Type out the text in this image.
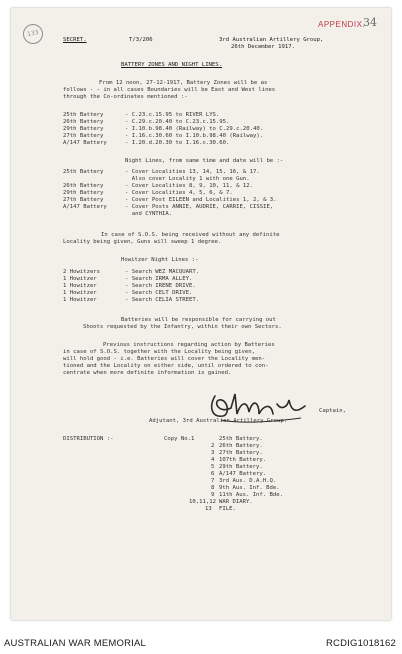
133
APPENDIX.
34
SECRET.	T/3/206	3rd Australian Artillery Group,
26th December 1917.
BATTERY ZONES AND NIGHT LINES.
From 12 noon, 27-12-1917, Battery Zones will be as
follows - - in all cases Boundaries will be East and West lines
through the Co-ordinates mentioned :-
25th Battery	- C.23.c.15.95 to RIVER LYS.
26th Battery	- C.29.c.20.40 to C.23.c.15.95.
29th Battery	- I.10.b.98.40 (Railway) to C.29.c.20.40.
27th Battery	- I.16.c.30.60 to I.10.b.98.40 (Railway).
A/147 Battery	- I.20.d.20.30 to I.16.c.30.60.
Night Lines, from same time and date will be :-
25th Battery	- Cover Localities 13, 14, 15, 16, & 17.
Also cover Locality 1 with one Gun.
26th Battery	- Cover Localities 8, 9, 10, 11, & 12.
29th Battery	- Cover Localities 4, 5, 6, & 7.
27th Battery	- Cover Post EILEEN and Localities 1, 2, & 3.
A/147 Battery	- Cover Posts ANNIE, AUDRIE, CARRIE, CISSIE,
and CYNTHIA.
In case of S.O.S. being received without any definite
Locality being given, Guns will sweep 1 degree.
Howitzer Night Lines :-
2 Howitzers	- Search WEZ MACQUART.
1 Howitzer	- Search IRMA ALLEY.
1 Howitzer	- Search IRENE DRIVE.
1 Howitzer	- Search CELT DRIVE.
1 Howitzer	- Search CELIA STREET.
Batteries will be responsible for carrying out
Shoots requested by the Infantry, within their own Sectors.
Previous instructions regarding action by Batteries
in case of S.O.S. together with the Locality being given,
will hold good - i.e. Batteries will cover the Locality men-
tioned and the Locality on either side, until ordered to con-
centrate when more definite information is gained.
Captain,
Adjutant, 3rd Australian Artillery Group.
DISTRIBUTION :-	Copy No.1	25th Battery.
2 26th Battery.
3 27th Battery.
4 107th Battery.
5 29th Battery.
6 A/147 Battery.
7 3rd Aus. D.A.H.Q.
8 9th Aus. Inf. Bde.
9 11th Aus. Inf. Bde.
10,11,12 WAR DIARY.
13 FILE.
AUSTRALIAN WAR MEMORIAL	RCDIG1018162
